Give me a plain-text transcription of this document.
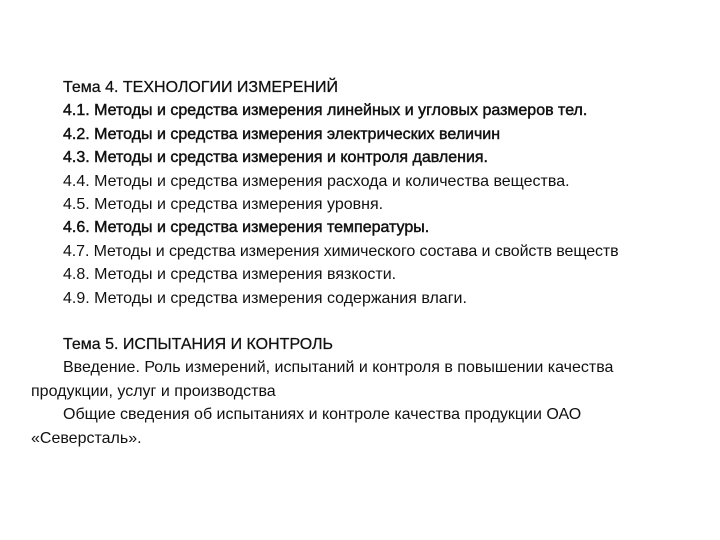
Тема 4. ТЕХНОЛОГИИ ИЗМЕРЕНИЙ

4.1. Методы и средства измерения линейных и угловых размеров тел.

4.2. Методы и средства измерения электрических величин

4.3. Методы и средства измерения и контроля давления.

4.4. Методы и средства измерения расхода и количества вещества.

4.5. Методы и средства измерения уровня.

4.6. Методы и средства измерения температуры.

4.7. Методы и средства измерения химического состава и свойств веществ

4.8. Методы и средства измерения вязкости.

4.9. Методы и средства измерения содержания влаги.

Тема 5. ИСПЫТАНИЯ И КОНТРОЛЬ

Введение. Роль измерений, испытаний и контроля в повышении качества продукции, услуг и производства

Общие сведения об испытаниях и контроле качества продукции ОАО «Северсталь».
